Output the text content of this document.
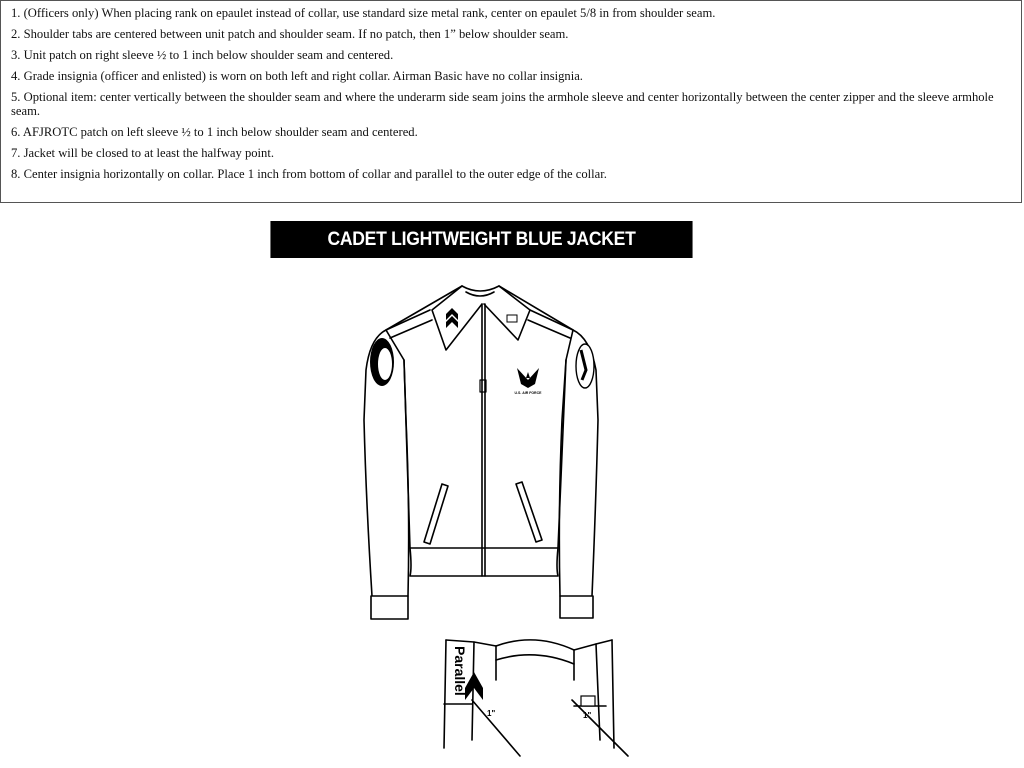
1. (Officers only) When placing rank on epaulet instead of collar, use standard size metal rank, center on epaulet 5/8 in from shoulder seam.
2. Shoulder tabs are centered between unit patch and shoulder seam. If no patch, then 1” below shoulder seam.
3. Unit patch on right sleeve ½ to 1 inch below shoulder seam and centered.
4. Grade insignia (officer and enlisted) is worn on both left and right collar. Airman Basic have no collar insignia.
5. Optional item: center vertically between the shoulder seam and where the underarm side seam joins the armhole sleeve and center horizontally between the center zipper and the sleeve armhole seam.
6. AFJROTC patch on left sleeve ½ to 1 inch below shoulder seam and centered.
7. Jacket will be closed to at least the halfway point.
8. Center insignia horizontally on collar. Place 1 inch from bottom of collar and parallel to the outer edge of the collar.
CADET LIGHTWEIGHT BLUE JACKET
U.S. AIR FORCE
Parallel
1"	1"
